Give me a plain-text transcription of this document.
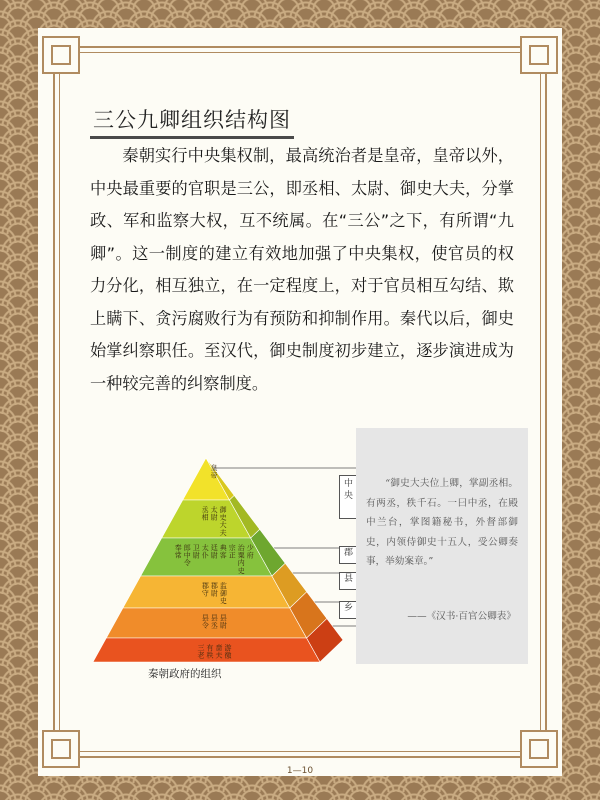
三公九卿组织结构图

秦朝实行中央集权制，最高统治者是皇帝，皇帝以外，中央最重要的官职是三公，即丞相、太尉、御史大夫，分掌政、军和监察大权，互不统属。在“三公”之下，有所谓“九卿”。这一制度的建立有效地加强了中央集权，使官员的权力分化，相互独立，在一定程度上，对于官员相互勾结、欺上瞒下、贪污腐败行为有预防和抑制作用。秦代以后，御史始掌纠察职任。至汉代，御史制度初步建立，逐步演进成为一种较完善的纠察制度。

皇帝
丞相
太尉
御史大夫
奉常
郎中令
卫尉
太仆
廷尉
典客
宗正
治粟内史
少府
郡守
郡尉
监御史
县令
县丞
县尉
三老
有秩
啬夫
游徼
中
央
郡
县
乡

“御史大夫位上卿，掌副丞相。有两丞，秩千石。一曰中丞，在殿中兰台，掌图籍秘书，外督部御史，内领侍御史十五人，受公卿奏事，举劾案章。”

——《汉书·百官公卿表》
秦朝政府的组织
1—10
